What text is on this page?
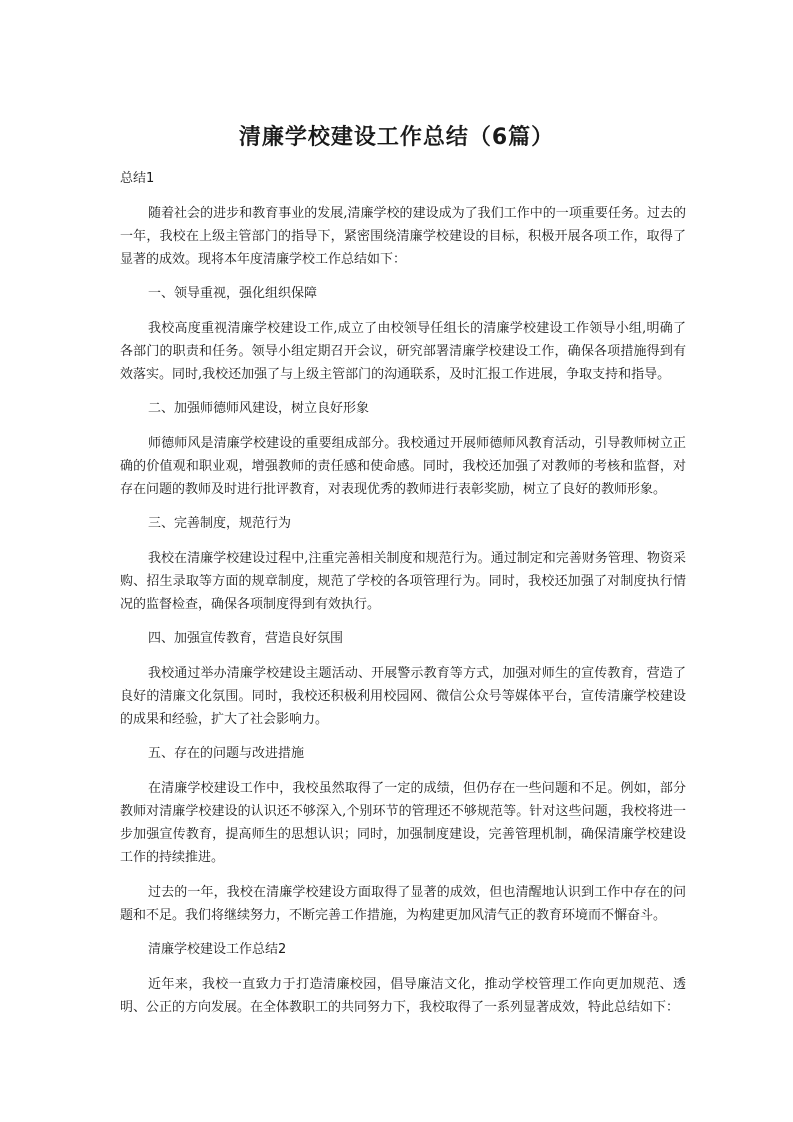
清廉学校建设工作总结（6篇）
总结1

随着社会的进步和教育事业的发展,清廉学校的建设成为了我们工作中的一项重要任务。过去的一年，我校在上级主管部门的指导下，紧密围绕清廉学校建设的目标，积极开展各项工作，取得了显著的成效。现将本年度清廉学校工作总结如下：

一、领导重视，强化组织保障

我校高度重视清廉学校建设工作,成立了由校领导任组长的清廉学校建设工作领导小组,明确了各部门的职责和任务。领导小组定期召开会议，研究部署清廉学校建设工作，确保各项措施得到有效落实。同时,我校还加强了与上级主管部门的沟通联系，及时汇报工作进展，争取支持和指导。

二、加强师德师风建设，树立良好形象

师德师风是清廉学校建设的重要组成部分。我校通过开展师德师风教育活动，引导教师树立正确的价值观和职业观，增强教师的责任感和使命感。同时，我校还加强了对教师的考核和监督，对存在问题的教师及时进行批评教育，对表现优秀的教师进行表彰奖励，树立了良好的教师形象。

三、完善制度，规范行为

我校在清廉学校建设过程中,注重完善相关制度和规范行为。通过制定和完善财务管理、物资采购、招生录取等方面的规章制度，规范了学校的各项管理行为。同时，我校还加强了对制度执行情况的监督检查，确保各项制度得到有效执行。

四、加强宣传教育，营造良好氛围

我校通过举办清廉学校建设主题活动、开展警示教育等方式，加强对师生的宣传教育，营造了良好的清廉文化氛围。同时，我校还积极利用校园网、微信公众号等媒体平台，宣传清廉学校建设的成果和经验，扩大了社会影响力。

五、存在的问题与改进措施

在清廉学校建设工作中，我校虽然取得了一定的成绩，但仍存在一些问题和不足。例如，部分教师对清廉学校建设的认识还不够深入,个别环节的管理还不够规范等。针对这些问题，我校将进一步加强宣传教育，提高师生的思想认识；同时，加强制度建设，完善管理机制，确保清廉学校建设工作的持续推进。

过去的一年，我校在清廉学校建设方面取得了显著的成效，但也清醒地认识到工作中存在的问题和不足。我们将继续努力，不断完善工作措施，为构建更加风清气正的教育环境而不懈奋斗。

清廉学校建设工作总结2

近年来，我校一直致力于打造清廉校园，倡导廉洁文化，推动学校管理工作向更加规范、透明、公正的方向发展。在全体教职工的共同努力下，我校取得了一系列显著成效，特此总结如下：
